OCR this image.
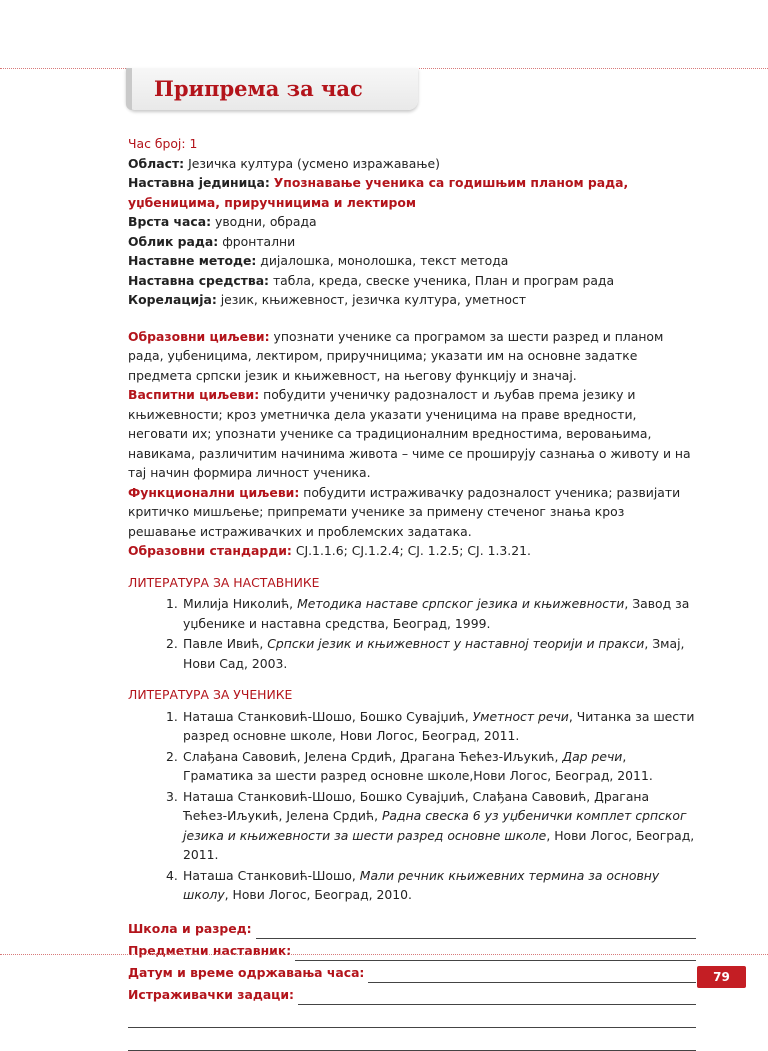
Припрема за час

Час број: 1

Област: Језичка култура (усмено изражавање)

Наставна јединица: Упознавање ученика са годишњим планом рада, уџбеницима, приручницима и лектиром

Врста часа: уводни, обрада

Облик рада: фронтални

Наставне методе: дијалошка, монолошка, текст метода

Наставна средства: табла, креда, свеске ученика, План и програм рада

Корелација: језик, књижевност, језичка култура, уметност

Образовни циљеви: упознати ученике са програмом за шести разред и планом рада, уџбеницима, лектиром, приручницима; указати им на основне задатке предмета српски језик и књижевност, на његову функцију и значај.

Васпитни циљеви: побудити ученичку радозналост и љубав према језику и књижевности; кроз уметничка дела указати ученицима на праве вредности, неговати их; упознати ученике са традиционалним вредностима, веровањима, навикама, различитим начинима живота – чиме се проширују сазнања о животу и на тај начин формира личност ученика.

Функционални циљеви: побудити истраживачку радозналост ученика; развијати критичко мишљење; припремати ученике за примену стеченог знања кроз решавање истраживачких и проблемских задатака.

Образовни стандарди: СЈ.1.1.6; СЈ.1.2.4; СЈ. 1.2.5; СЈ. 1.3.21.

ЛИТЕРАТУРА ЗА НАСТАВНИКЕ
1. Милија Николић, Методика наставе српског језика и књижевности, Завод за уџбенике и наставна средства, Београд, 1999.
2. Павле Ивић, Српски језик и књижевност у наставној теорији и пракси, Змај, Нови Сад, 2003.
ЛИТЕРАТУРА ЗА УЧЕНИКЕ
1. Наташа Станковић-Шошо, Бошко Сувајџић, Уметност речи, Читанка за шести разред основне школе, Нови Логос, Београд, 2011.
2. Слађана Савовић, Јелена Срдић, Драгана Ћећез-Иљукић, Дар речи, Граматика за шести разред основне школе,Нови Логос, Београд, 2011.
3. Наташа Станковић-Шошо, Бошко Сувајџић, Слађана Савовић, Драгана Ћећез-Иљукић, Јелена Срдић, Радна свеска 6 уз уџбенички комплет српског језика и књижевности за шести разред основне школе, Нови Логос, Београд, 2011.
4. Наташа Станковић-Шошо, Мали речник књижевних термина за основну школу, Нови Логос, Београд, 2010.
Школа и разред:
Предметни наставник:
Датум и време одржавања часа:
Истраживачки задаци:
79
